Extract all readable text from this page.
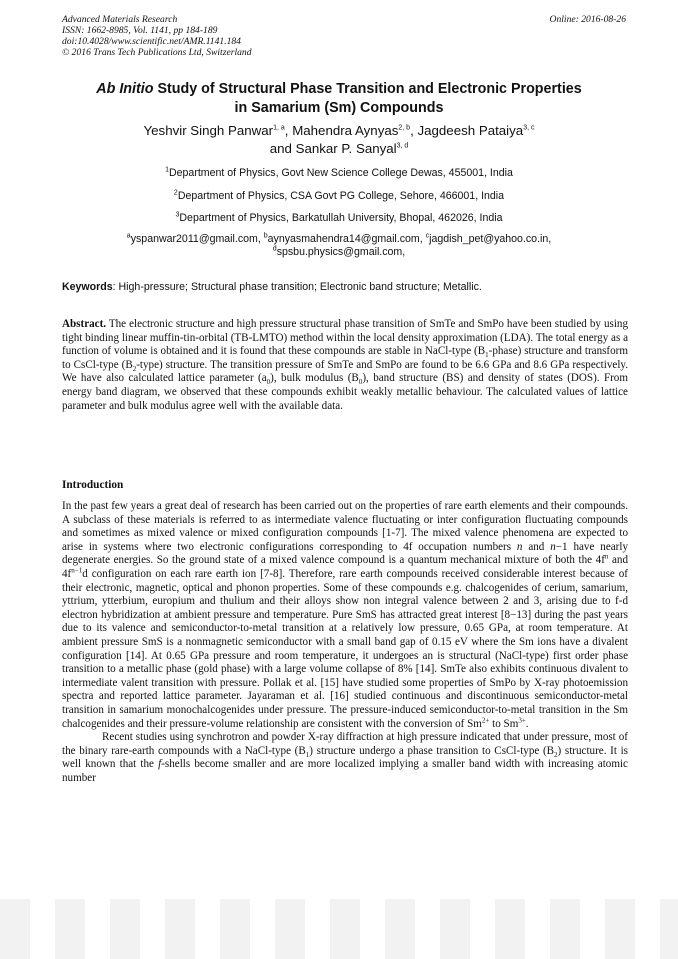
Advanced Materials Research
ISSN: 1662-8985, Vol. 1141, pp 184-189
doi:10.4028/www.scientific.net/AMR.1141.184
© 2016 Trans Tech Publications Ltd, Switzerland
Online: 2016-08-26
Ab Initio Study of Structural Phase Transition and Electronic Properties
in Samarium (Sm) Compounds
Yeshvir Singh Panwar$^{1, a}$, Mahendra Aynyas$^{2, b}$, Jagdeesh Pataiya$^{3, c}$
and Sankar P. Sanyal$^{3, d}$
$^1$Department of Physics, Govt New Science College Dewas, 455001, India
$^2$Department of Physics, CSA Govt PG College, Sehore, 466001, India
$^3$Department of Physics, Barkatullah University, Bhopal, 462026, India
$^a$yspanwar2011@gmail.com, $^b$aynyasmahendra14@gmail.com, $^c$jagdish_pet@yahoo.co.in,
$^d$spsbu.physics@gmail.com,
Keywords: High-pressure; Structural phase transition; Electronic band structure; Metallic.
Abstract. The electronic structure and high pressure structural phase transition of SmTe and SmPo have been studied by using tight binding linear muffin-tin-orbital (TB-LMTO) method within the local density approximation (LDA). The total energy as a function of volume is obtained and it is found that these compounds are stable in NaCl-type $(B_1-phase)$ structure and transform to CsCl-type $(B_2-type)$ structure. The transition pressure of SmTe and SmPo are found to be 6.6 GPa and 8.6 GPa respectively. We have also calculated lattice parameter $(a_0)$, bulk modulus $(B_0)$, band structure (BS) and density of states (DOS). From energy band diagram, we observed that these compounds exhibit weakly metallic behaviour. The calculated values of lattice parameter and bulk modulus agree well with the available data.
Introduction

In the past few years a great deal of research has been carried out on the properties of rare earth elements and their compounds. A subclass of these materials is referred to as intermediate valence fluctuating or inter configuration fluctuating compounds and sometimes as mixed valence or mixed configuration compounds [1-7]. The mixed valence phenomena are expected to arise in systems where two electronic configurations corresponding to 4f occupation numbers n and n−1 have nearly degenerate energies. So the ground state of a mixed valence compound is a quantum mechanical mixture of both the $4f^n$ and $4f^{n-1}d$ configuration on each rare earth ion [7-8]. Therefore, rare earth compounds received considerable interest because of their electronic, magnetic, optical and phonon properties. Some of these compounds e.g. chalcogenides of cerium, samarium, yttrium, ytterbium, europium and thulium and their alloys show non integral valence between 2 and 3, arising due to f-d electron hybridization at ambient pressure and temperature. Pure SmS has attracted great interest [8−13] during the past years due to its valence and semiconductor-to-metal transition at a relatively low pressure, 0.65 GPa, at room temperature. At ambient pressure SmS is a nonmagnetic semiconductor with a small band gap of 0.15 eV where the Sm ions have a divalent configuration [14]. At 0.65 GPa pressure and room temperature, it undergoes an is structural (NaCl-type) first order phase transition to a metallic phase (gold phase) with a large volume collapse of 8% [14]. SmTe also exhibits continuous divalent to intermediate valent transition with pressure. Pollak et al. [15] have studied some properties of SmPo by X-ray photoemission spectra and reported lattice parameter. Jayaraman et al. [16] studied continuous and discontinuous semiconductor-metal transition in samarium monochalcogenides under pressure. The pressure-induced semiconductor-to-metal transition in the Sm chalcogenides and their pressure-volume relationship are consistent with the conversion of $Sm^{2+}$ to $Sm^{3+}$.

Recent studies using synchrotron and powder X-ray diffraction at high pressure indicated that under pressure, most of the binary rare-earth compounds with a NaCl-type $(B_1)$ structure undergo a phase transition to CsCl-type $(B_2)$ structure. It is well known that the f-shells become smaller and are more localized implying a smaller band width with increasing atomic number
